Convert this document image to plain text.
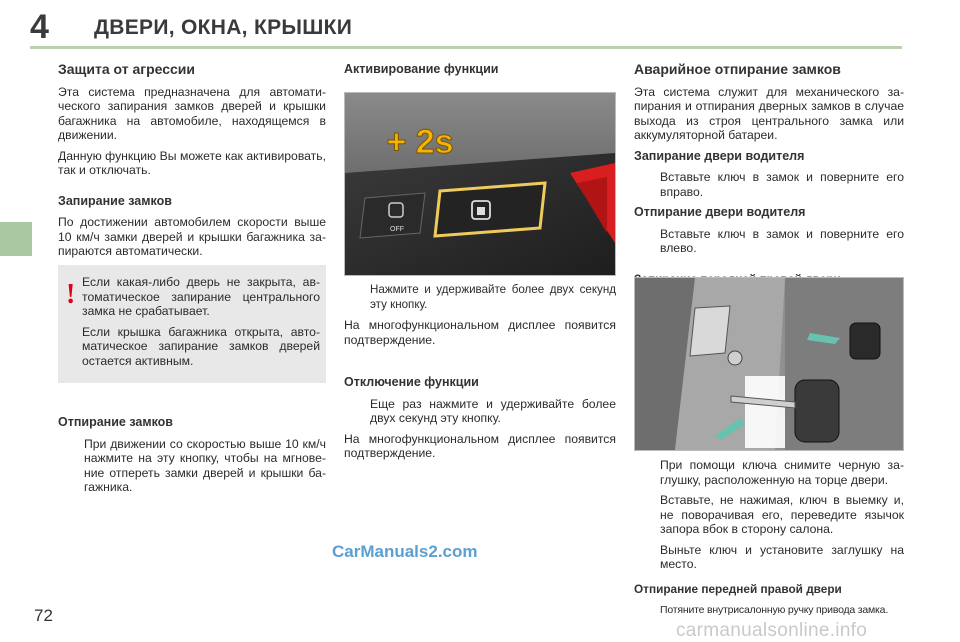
4 ДВЕРИ, ОКНА, КРЫШКИ
Защита от агрессии

Эта система предназначена для автоматического запирания замков дверей и крышки багажника на автомобиле, находящемся в движении.

Данную функцию Вы можете как активировать, так и отключать.

Запирание замков

По достижении автомобилем скорости выше 10 км/ч замки дверей и крышки багажника запираются автоматически.

! Если какая-либо дверь не закрыта, автоматическое запирание центрального замка не срабатывает.

Если крышка багажника открыта, автоматическое запирание замков дверей остается активным.

Отпирание замков
При движении со скоростью выше 10 км/ч нажмите на эту кнопку, чтобы на мгновение отпереть замки дверей и крышки багажника.
Активирование функции
OFF
+ 2s
Нажмите и удерживайте более двух секунд эту кнопку.

На многофункциональном дисплее появится подтверждение.

Отключение функции
Еще раз нажмите и удерживайте более двух секунд эту кнопку.

На многофункциональном дисплее появится подтверждение.

Аварийное отпирание замков

Эта система служит для механического запирания и отпирания дверных замков в случае выхода из строя центрального замка или аккумуляторной батареи.

Запирание двери водителя
Вставьте ключ в замок и поверните его вправо.
Отпирание двери водителя
Вставьте ключ в замок и поверните его влево.
При помощи ключа снимите черную заглушку, расположенную на торце двери.
Вставьте, не нажимая, ключ в выемку и, не поворачивая его, переведите язычок запора вбок в сторону салона.
Выньте ключ и установите заглушку на место.
Отпирание передней правой двери
Потяните внутрисалонную ручку привода замка.
CarManuals2.com
72
carmanualsonline.info
